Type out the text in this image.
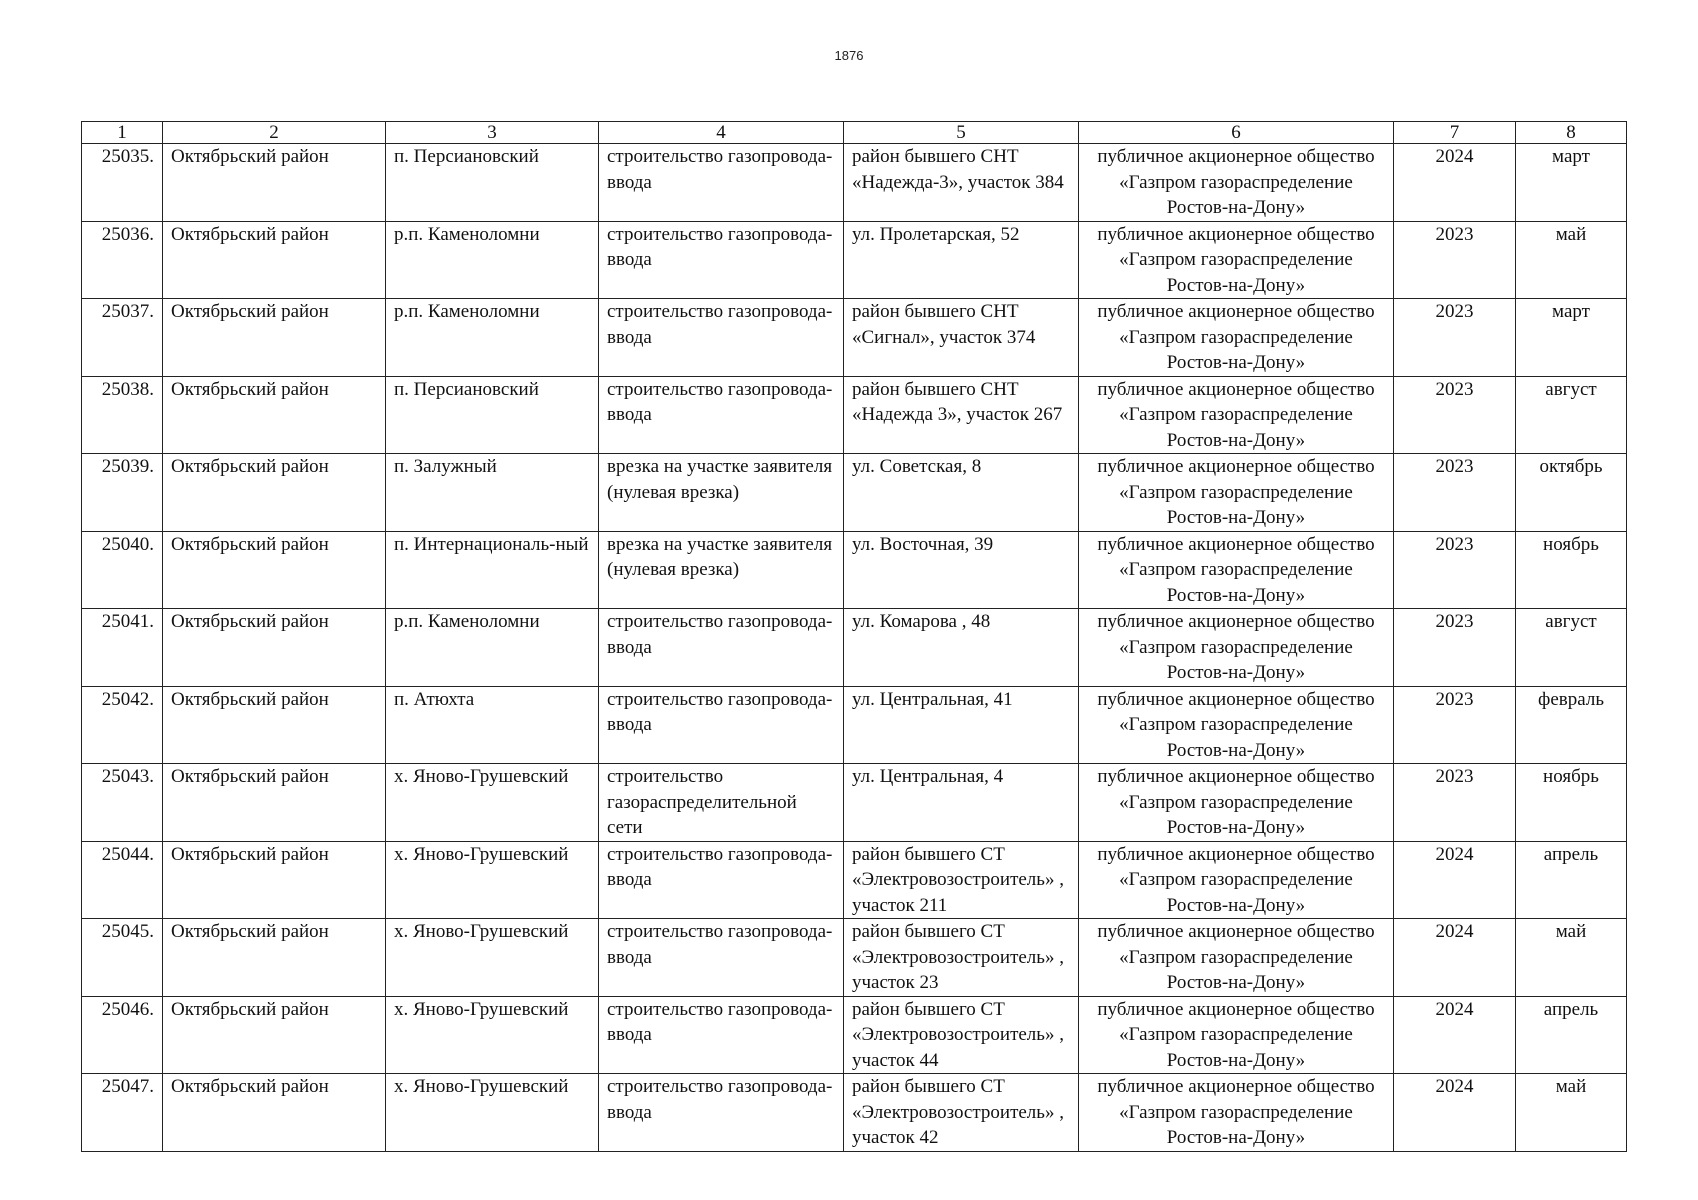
1876
1	2	3	4	5	6	7	8
25035.	Октябрьский район	п. Персиановский	строительство газопровода-ввода	район бывшего СНТ «Надежда-3», участок 384	публичное акционерное общество «Газпром газораспределение Ростов-на-Дону»	2024	март
25036.	Октябрьский район	р.п. Каменоломни	строительство газопровода-ввода	ул. Пролетарская, 52	публичное акционерное общество «Газпром газораспределение Ростов-на-Дону»	2023	май
25037.	Октябрьский район	р.п. Каменоломни	строительство газопровода-ввода	район бывшего СНТ «Сигнал», участок 374	публичное акционерное общество «Газпром газораспределение Ростов-на-Дону»	2023	март
25038.	Октябрьский район	п. Персиановский	строительство газопровода-ввода	район бывшего СНТ «Надежда 3», участок 267	публичное акционерное общество «Газпром газораспределение Ростов-на-Дону»	2023	август
25039.	Октябрьский район	п. Залужный	врезка на участке заявителя (нулевая врезка)	ул. Советская, 8	публичное акционерное общество «Газпром газораспределение Ростов-на-Дону»	2023	октябрь
25040.	Октябрьский район	п. Интернациональ-ный	врезка на участке заявителя (нулевая врезка)	ул. Восточная, 39	публичное акционерное общество «Газпром газораспределение Ростов-на-Дону»	2023	ноябрь
25041.	Октябрьский район	р.п. Каменоломни	строительство газопровода-ввода	ул. Комарова , 48	публичное акционерное общество «Газпром газораспределение Ростов-на-Дону»	2023	август
25042.	Октябрьский район	п. Атюхта	строительство газопровода-ввода	ул. Центральная, 41	публичное акционерное общество «Газпром газораспределение Ростов-на-Дону»	2023	февраль
25043.	Октябрьский район	х. Яново-Грушевский	строительство газораспределительной сети	ул. Центральная, 4	публичное акционерное общество «Газпром газораспределение Ростов-на-Дону»	2023	ноябрь
25044.	Октябрьский район	х. Яново-Грушевский	строительство газопровода-ввода	район бывшего СТ «Электровозостроитель» , участок 211	публичное акционерное общество «Газпром газораспределение Ростов-на-Дону»	2024	апрель
25045.	Октябрьский район	х. Яново-Грушевский	строительство газопровода-ввода	район бывшего СТ «Электровозостроитель» , участок 23	публичное акционерное общество «Газпром газораспределение Ростов-на-Дону»	2024	май
25046.	Октябрьский район	х. Яново-Грушевский	строительство газопровода-ввода	район бывшего СТ «Электровозостроитель» , участок 44	публичное акционерное общество «Газпром газораспределение Ростов-на-Дону»	2024	апрель
25047.	Октябрьский район	х. Яново-Грушевский	строительство газопровода-ввода	район бывшего СТ «Электровозостроитель» , участок 42	публичное акционерное общество «Газпром газораспределение Ростов-на-Дону»	2024	май
